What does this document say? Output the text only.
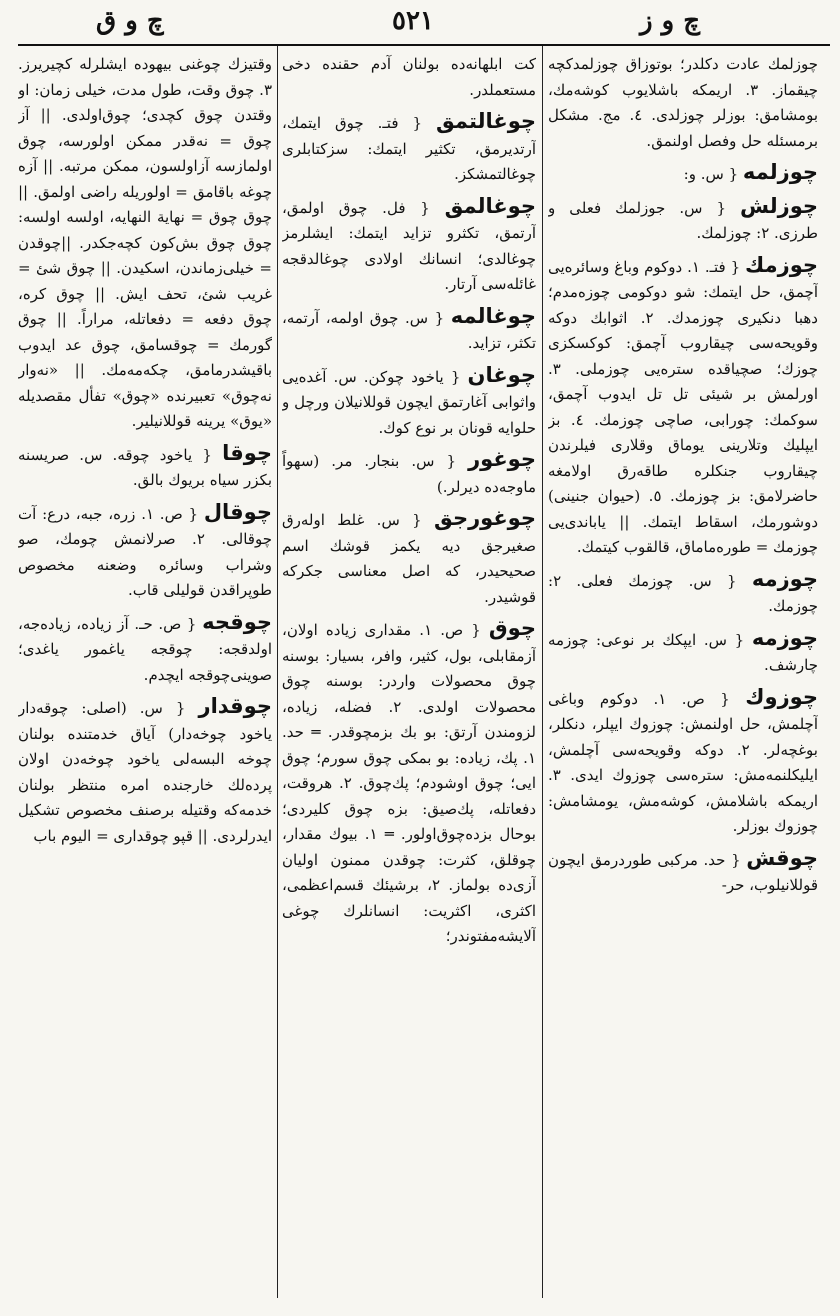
چ و ز
٥٢١
چ و ق
چوزلمك عادت دكلدر؛ بوتوزاق چوزلمدكچه چيقماز. ٣. اريمكه باشلايوب كوشه‌مك، بومشامق: بوزلر چوزلدى. ٤. مج. مشكل برمسئله حل وفصل اولنمق.
چوزلمه { س. و:
چوزلش { س. جوزلمك فعلى و طرزى. ٢: چوزلمك.
چوزمك { فتـ. ١. دوكوم وباغ وسائره‌يى آچمق، حل ايتمك: شو دوكومى چوزه‌مدم؛ دهبا دنكيرى چوزمدك. ٢. اثوابك دوكه وقويحه‌سى چيقاروب آچمق: كوكسكزى چوزك؛ صچياقده ستره‌يى چوزملى. ٣. اورلمش بر شيئى تل تل ايدوب آچمق، سوكمك: چورابى، صاچى چوزمك. ٤. بز ايپليك وتلارينى يوماق وقلارى فيلرندن چيقاروب جنكلره طاقه‌رق اولامغه حاضرلامق: بز چوزمك. ٥. (حيوان جنينى) دوشورمك، اسقاط ايتمك. || ياباندى‌يى چوزمك = طوره‌ماماق، قالقوب كيتمك.
چوزمه { س. چوزمك فعلى. ٢: چوزمك.
چوزمه { س. ايپكك بر نوعى: چوزمه چارشف.
چوزوك { ص. ١. دوكوم وباغى آچلمش، حل اولنمش: چوزوك ايپلر، دنكلر، بوغچه‌لر. ٢. دوكه وقويحه‌سى آچلمش، ايليكلنمه‌مش: ستره‌سى چوزوك ايدى. ٣. اريمكه باشلامش، كوشه‌مش، يومشامش: چوزوك بوزلر.
چوقش { حد. مركبى طوردرمق ايچون قوللانيلوب، حر-
كت ابلهانه‌ده بولنان آدم حقنده دخى مستعملدر.
چوغالتمق { فتـ. چوق ايتمك، آرتديرمق، تكثير ايتمك: سزكتابلرى چوغالتمشكز.
چوغالمق { فل. چوق اولمق، آرتمق، تكثرو تزايد ايتمك: ايشلرمز چوغالدى؛ انسانك اولادى چوغالدقجه غائله‌سى آرتار.
چوغالمه { س. چوق اولمه، آرتمه، تكثر، تزايد.
چوغان { ياخود چوكن. س. آغده‌يى واثوابى آغارتمق ايچون قوللانيلان ورچل و حلوايه قونان بر نوع كوك.
چوغور { س. بنجار. مر. (سهواً ماوجه‌ده ديرلر.)
چوغورجق { س. غلط اوله‌رق صغيرجق ديه يكمز قوشك اسم صحيحيدر، كه اصل معناسى جكركه قوشيدر.
چوق { ص. ١. مقدارى زياده اولان، آزمقابلى، بول، كثير، وافر، بسيار: بوسنه چوق محصولات واردر: بوسنه چوق محصولات اولدى. ٢. فضله، زياده، لزومندن آرتق: بو بك بزمچوقدر. ═ حد. ١. پك، زياده: بو بمكى چوق سورم؛ چوق ايى؛ چوق اوشودم؛ پك‌چوق. ٢. هروقت، دفعاتله، پك‌صيق: بزه چوق كليردى؛ بوحال بزده‌چوق‌اولور. ═ ١. بيوك مقدار، چوقلق، كثرت: چوقدن ممنون اوليان آزى‌ده بولماز. ٢، برشيئك قسم‌اعظمى، اكثرى، اكثريت: انسانلرك چوغى آلايشه‌مفتوندر؛
وقتيزك چوغنى بيهوده ايشلرله كچيريرز. ٣. چوق وقت، طول مدت، خيلى زمان: او وقتدن چوق كچدى؛ چوق‌اولدى. || آز چوق = نه‌قدر ممكن اولورسه، چوق اولمازسه آزاولسون، ممكن مرتبه. || آزه چوغه باقامق = اولوريله راضى اولمق. || چوق چوق = نهاية النهايه، اولسه اولسه: چوق چوق بش‌كون كچه‌جكدر. ||چوقدن = خيلى‌زماندن، اسكيدن. || چوق شئ = غريب شئ، تحف ايش. || چوق كره، چوق دفعه = دفعاتله، مراراً. || چوق گورمك = چوقسامق، چوق عد ايدوب باقيشدرمامق، چكه‌مه‌مك. || «نه‌وار نه‌چوق» تعبيرنده «چوق» تفأل مقصديله «يوق» يرينه قوللانيلير.
چوقا { ياخود چوقه. س. صريسنه بكزر سياه بريوك بالق.
چوقال { ص. ١. زره، جبه، درع: آت چوقالى. ٢. صرلانمش چومك، صو وشراب وسائره وضعنه مخصوص طوپراقدن قوليلى قاب.
چوقجه { ص. حـ. آز زياده، زياده‌جه، اولدقجه: چوقجه ياغمور ياغدى؛ صوينى‌چوقجه ايچدم.
چوقدار { س. (اصلى: چوقه‌دار ياخود چوخه‌دار) آياق خدمتنده بولنان چوخه البسه‌لى ياخود چوخه‌دن اولان پرده‌لك خارجنده امره منتظر بولنان خدمه‌كه وقتيله برصنف مخصوص تشكيل ايدرلردى. || قپو چوقدارى = اليوم باب
